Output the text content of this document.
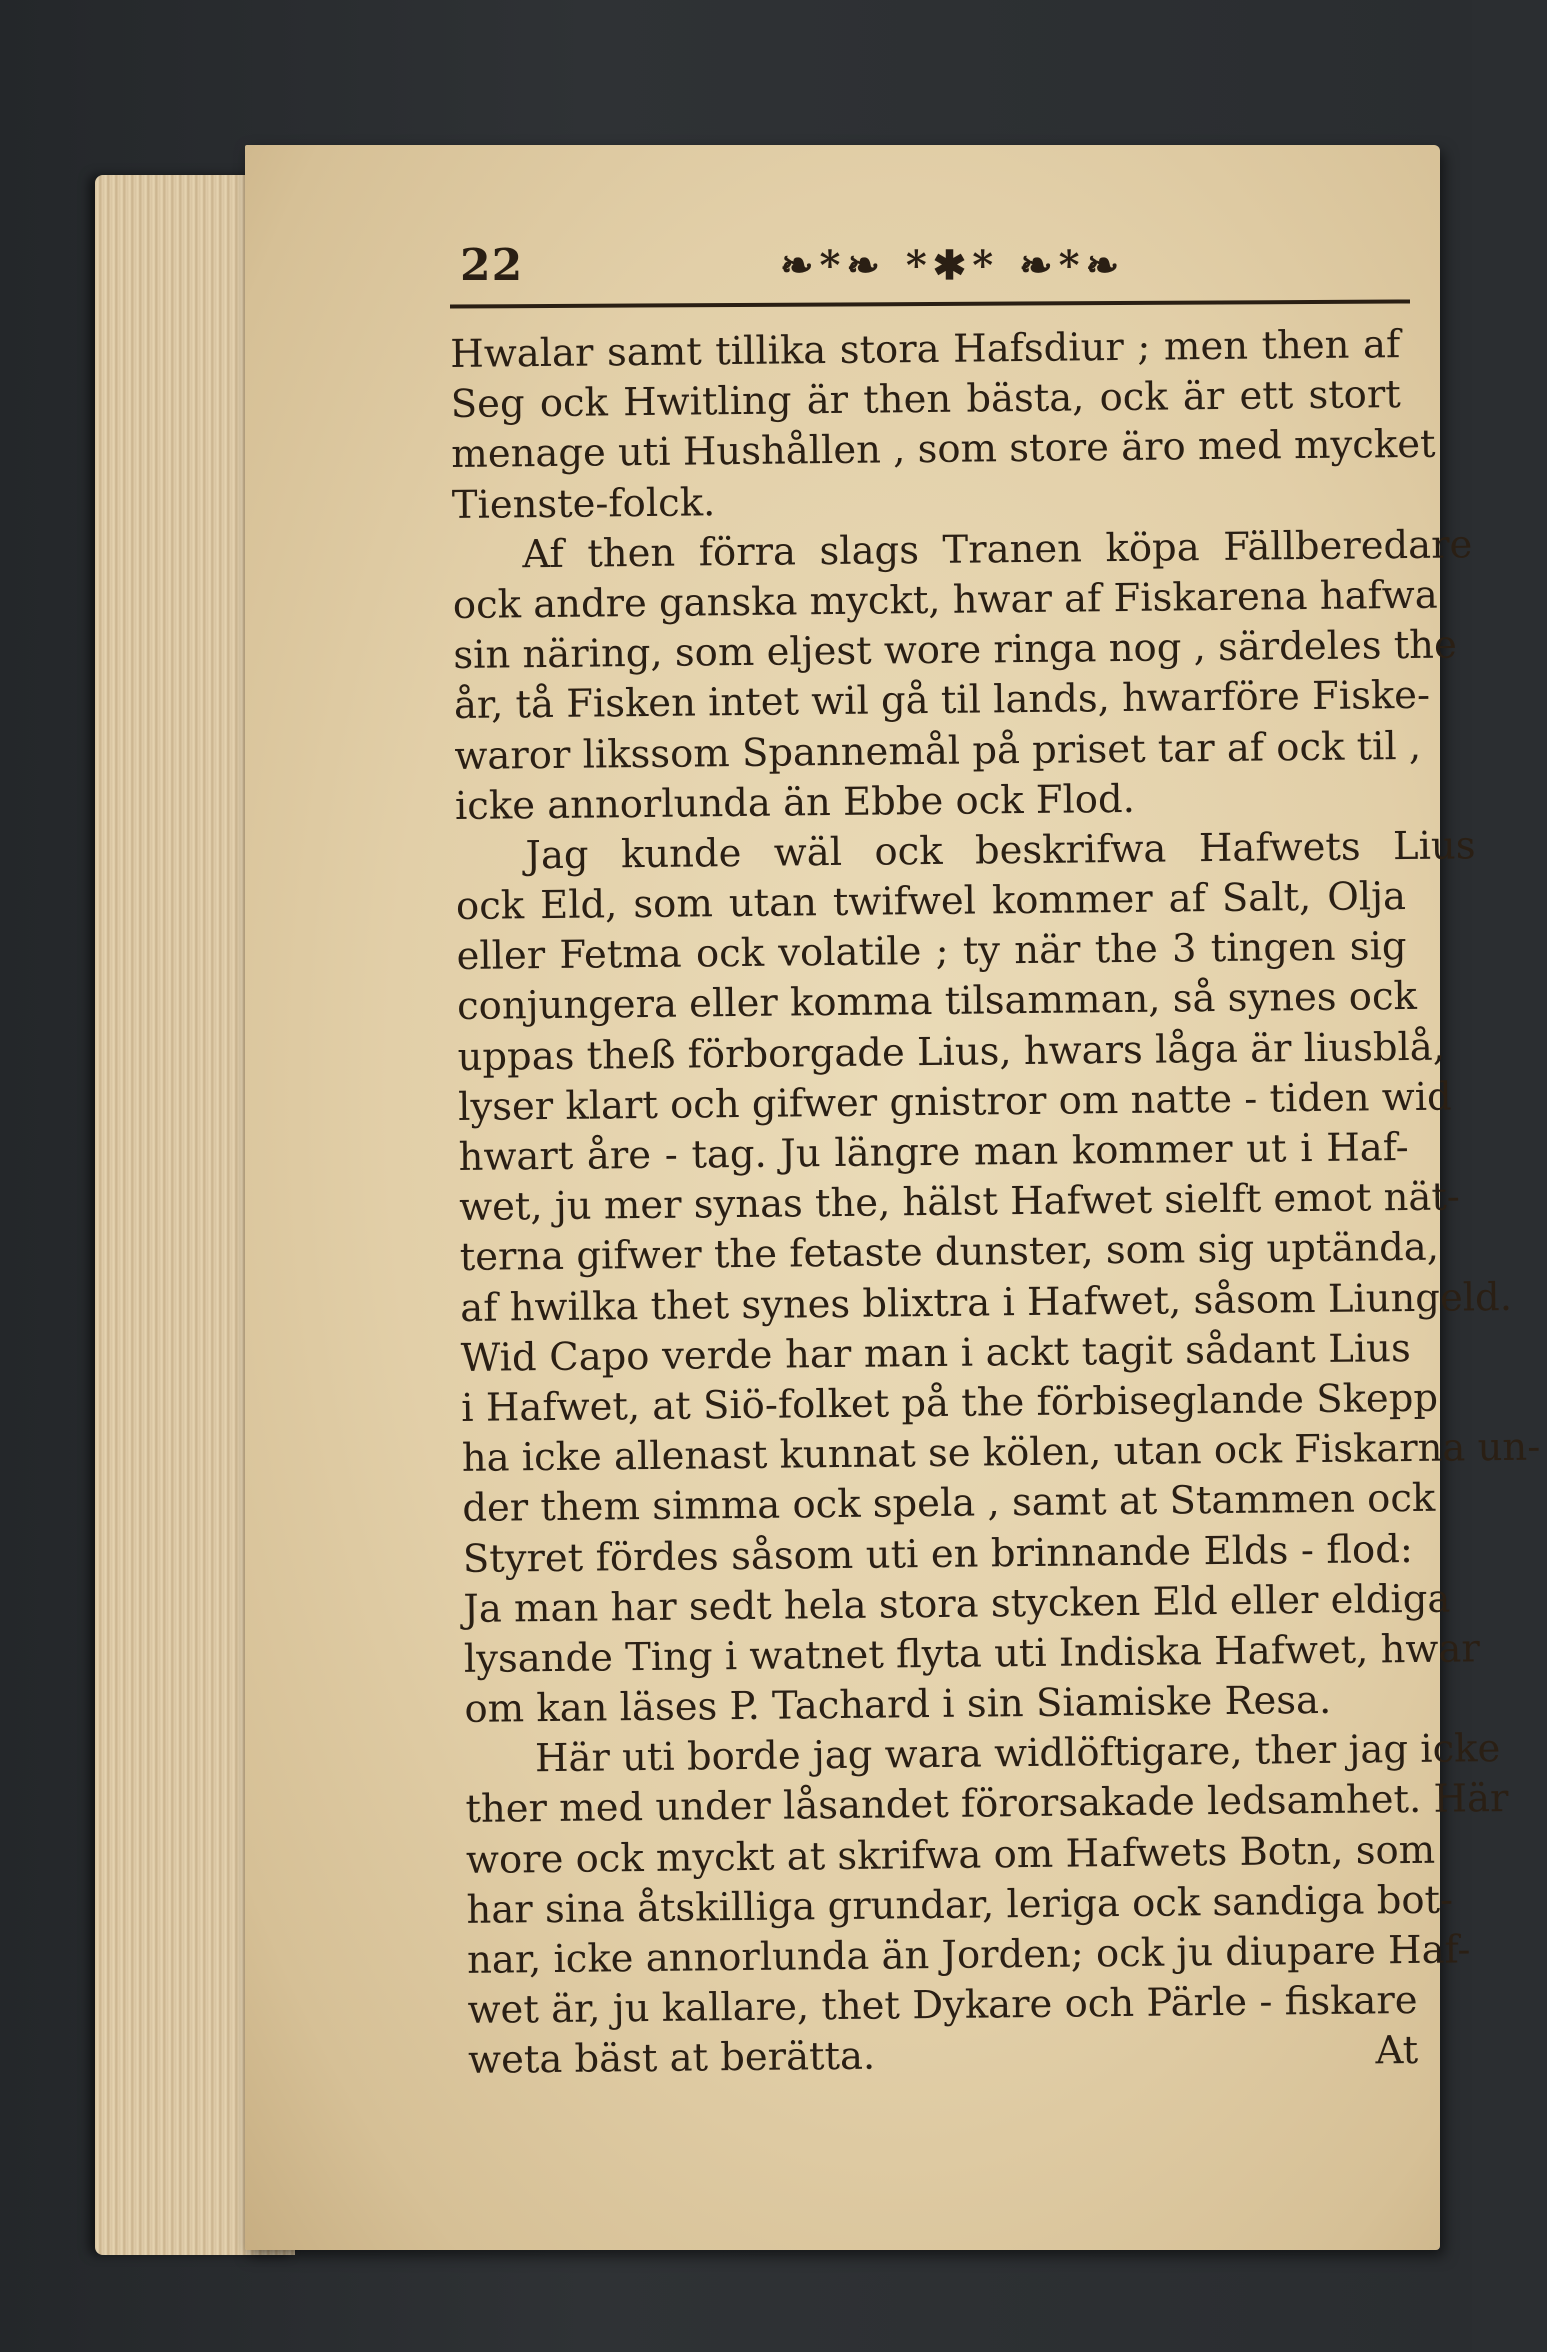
22	❧*❧ *✱* ❧*❧
Hwalar samt tillika stora Hafsdiur ; men then af
Seg ock Hwitling är then bästa, ock är ett stort
menage uti Hushållen , som store äro med mycket
Tienste-folck.
Af then förra slags Tranen köpa Fällberedare
ock andre ganska myckt, hwar af Fiskarena hafwa
sin näring, som eljest wore ringa nog , särdeles the
år, tå Fisken intet wil gå til lands, hwarföre Fiske-
waror likssom Spannemål på priset tar af ock til ,
icke annorlunda än Ebbe ock Flod.
Jag kunde wäl ock beskrifwa Hafwets Lius
ock Eld, som utan twifwel kommer af Salt, Olja
eller Fetma ock volatile ; ty när the 3 tingen sig
conjungera eller komma tilsamman, så synes ock
uppas theß förborgade Lius, hwars låga är liusblå,
lyser klart och gifwer gnistror om natte - tiden wid
hwart åre - tag. Ju längre man kommer ut i Haf-
wet, ju mer synas the, hälst Hafwet sielft emot nät-
terna gifwer the fetaste dunster, som sig uptända,
af hwilka thet synes blixtra i Hafwet, såsom Liungeld.
Wid Capo verde har man i ackt tagit sådant Lius
i Hafwet, at Siö-folket på the förbiseglande Skepp
ha icke allenast kunnat se kölen, utan ock Fiskarna un-
der them simma ock spela , samt at Stammen ock
Styret fördes såsom uti en brinnande Elds - flod:
Ja man har sedt hela stora stycken Eld eller eldiga
lysande Ting i watnet flyta uti Indiska Hafwet, hwar
om kan läses P. Tachard i sin Siamiske Resa.
Här uti borde jag wara widlöftigare, ther jag icke
ther med under låsandet förorsakade ledsamhet. Här
wore ock myckt at skrifwa om Hafwets Botn, som
har sina åtskilliga grundar, leriga ock sandiga bot-
nar, icke annorlunda än Jorden; ock ju diupare Haf-
wet är, ju kallare, thet Dykare och Pärle - fiskare
weta bäst at berätta.	At
